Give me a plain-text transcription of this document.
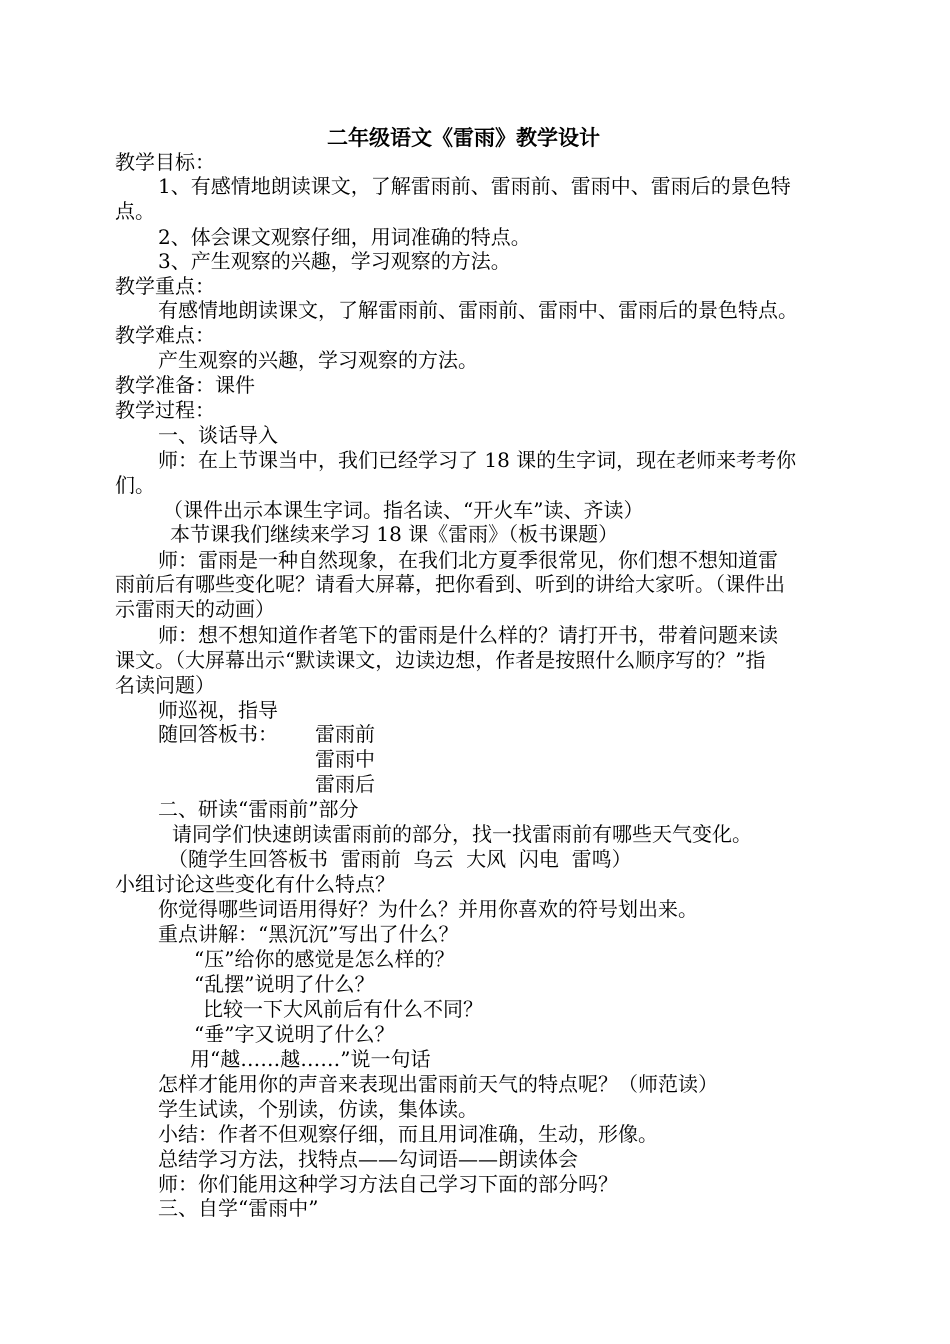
二年级语文《雷雨》教学设计
教学目标：
1、有感情地朗读课文，了解雷雨前、雷雨前、雷雨中、雷雨后的景色特
点。
2、体会课文观察仔细，用词准确的特点。
3、产生观察的兴趣，学习观察的方法。
教学重点：
有感情地朗读课文，了解雷雨前、雷雨前、雷雨中、雷雨后的景色特点。
教学难点：
产生观察的兴趣，学习观察的方法。
教学准备：课件
教学过程：
一、谈话导入
师：在上节课当中，我们已经学习了 18 课的生字词，现在老师来考考你
们。
（课件出示本课生字词。指名读、“开火车”读、齐读）
本节课我们继续来学习 18 课《雷雨》（板书课题）
师：雷雨是一种自然现象，在我们北方夏季很常见，你们想不想知道雷
雨前后有哪些变化呢？请看大屏幕，把你看到、听到的讲给大家听。（课件出
示雷雨天的动画）
师：想不想知道作者笔下的雷雨是什么样的？请打开书，带着问题来读
课文。（大屏幕出示“默读课文，边读边想，作者是按照什么顺序写的？”指
名读问题）
师巡视，指导
随回答板书： 雷雨前
雷雨中
雷雨后
二、研读“雷雨前”部分
请同学们快速朗读雷雨前的部分，找一找雷雨前有哪些天气变化。
（随学生回答板书  雷雨前  乌云  大风  闪电  雷鸣）
小组讨论这些变化有什么特点？
你觉得哪些词语用得好？为什么？并用你喜欢的符号划出来。
重点讲解：“黑沉沉”写出了什么？
“压”给你的感觉是怎么样的？
“乱摆”说明了什么？
比较一下大风前后有什么不同？
“垂”字又说明了什么？
用“越……越……”说一句话
怎样才能用你的声音来表现出雷雨前天气的特点呢？（师范读）
学生试读，个别读，仿读，集体读。
小结：作者不但观察仔细，而且用词准确，生动，形像。
总结学习方法，找特点——勾词语——朗读体会
师：你们能用这种学习方法自己学习下面的部分吗？
三、自学“雷雨中”
